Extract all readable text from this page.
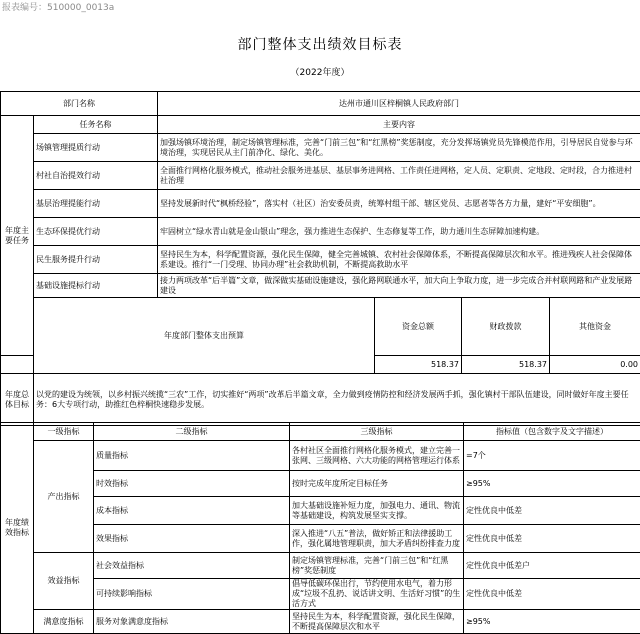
报表编号：510000_0013a
部门整体支出绩效目标表
（2022年度）
部门名称		达州市通川区梓桐镇人民政府部门			
年度主要任务	任务名称	主要内容			
	场镇管理提质行动	加强场镇环境治理，制定场镇管理标准，完善“门前三包”和“红黑榜”奖惩制度，充分发挥场镇党员先锋模范作用，引导居民自觉参与环境治理，实现居民从主门前净化、绿化、美化。			

	村社自治提效行动	全面推行网格化服务模式，推动社会服务进基层、基层事务进网格、工作责任进网格，定人员、定职责、定地段、定时段，合力推进村社治理			

	基层治理提能行动	坚持发展新时代“枫桥经验”，落实村（社区）治安委员责，统筹村组干部、辖区党员、志愿者等各方力量，建好“平安细胞”。			

	生态环保提优行动	牢固树立“绿水青山就是金山银山”理念，强力推进生态保护、生态修复等工作，助力通川生态屏障加速构建。			

	民生服务提升行动	坚持民生为本，科学配置资源，强化民生保障，健全完善城镇、农村社会保障体系，不断提高保障层次和水平。推进残疾人社会保障体系建设。推行“一门受理、协同办理”社会救助机制，不断提高救助水平			

	基础设施提标行动	接力两项改革“后半篇”文章，做深做实基础设施建设，强化路网联通水平，加大向上争取力度，进一步完成合并村联网路和产业发展路建设			

	年度部门整体支出预算		资金总额	财政拨款	其他资金
			518.37	518.37	0.00
年度总体目标	以党的建设为统领，以乡村振兴统揽“三农”工作，切实推好“两项”改革后半篇文章，全力做到疫情防控和经济发展两手抓，强化镇村干部队伍建设，同时做好年度主要任务：6大专项行动，助推红色梓桐快速稳步发展。				
年度绩效指标	一级指标	二级指标	三级指标	指标值（包含数字及文字描述）
	产出指标	质量指标	各村社区全面推行网格化服务模式，建立完善一张网、三级网格、六大功能的网格管理运行体系	=7个
		时效指标	按时完成年度所定目标任务	≥95%
		成本指标	加大基础设施补短力度，加强电力、通讯、物流等基础建设，构筑发展坚实支撑。	定性优良中低差
		效果指标	深入推进“八五”普法，做好矫正和法律援助工作，强化属地管理职责，加大矛盾纠纷排查力度	定性优良中低差
	效益指标	社会效益指标	制定场镇管理标准，完善“门前三包”和“红黑榜”奖惩制度	定性优良中低差户
		可持续影响指标	倡导低碳环保出行，节约使用水电气，着力形成“垃圾不乱扔、说话讲文明、生活好习惯”的生活方式	定性优良中低差
	满意度指标	服务对象满意度指标	坚持民生为本，科学配置资源，强化民生保障，不断提高保障层次和水平	≥95%
